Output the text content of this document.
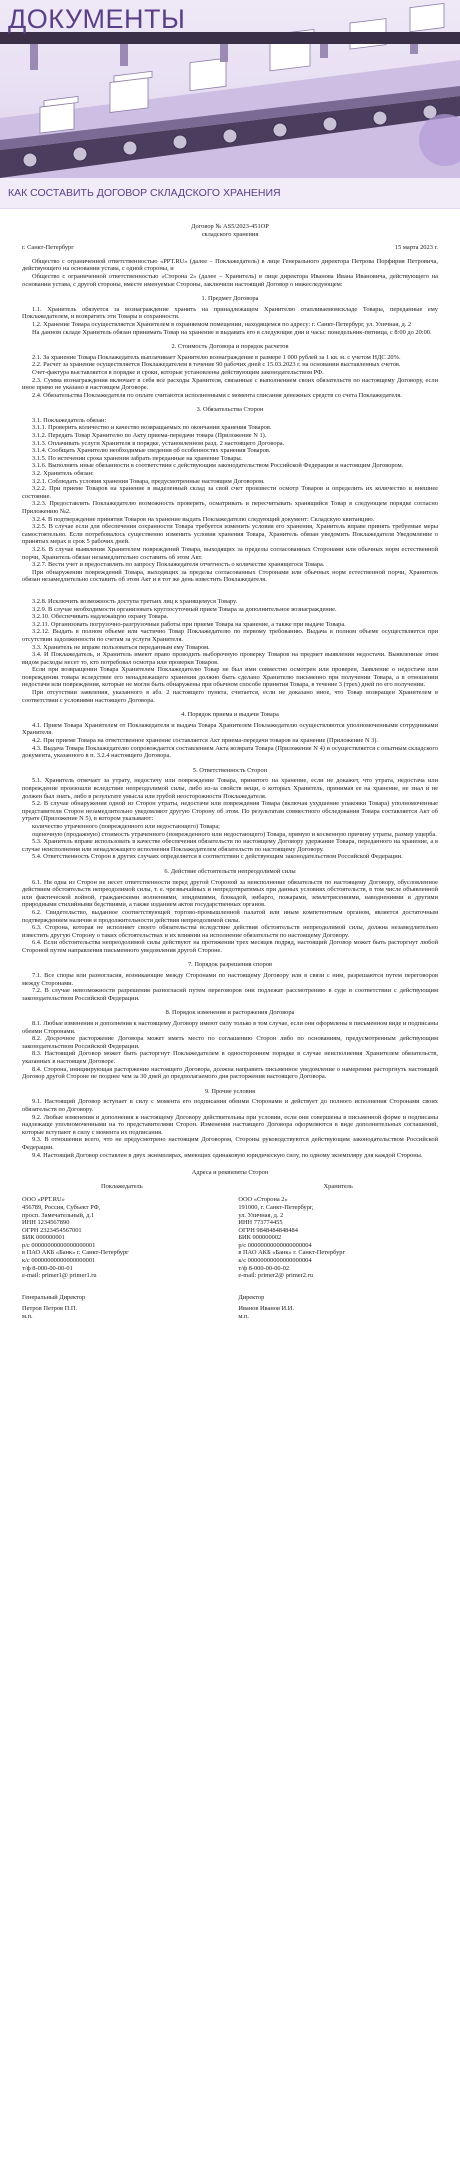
ДОКУМЕНТЫ
КАК СОСТАВИТЬ ДОГОВОР СКЛАДСКОГО ХРАНЕНИЯ
Договор № АЅ5/2023-451ОР
складского хранения
г. Санкт-Петербург	15 марта 2023 г.

Общество с ограниченной ответственностью «PPT.RU» (далее – Поклажедатель) в лице Генерального директора Петрова Порфирия Петровича, действующего на основании устава, с одной стороны, и

Общество с ограниченной ответственностью «Сторона 2» (далее – Хранитель) в лице директора Иванова Ивана Ивановича, действующего на основании устава, с другой стороны, вместе именуемые Стороны, заключили настоящий Договор о нижеследующем:

1. Предмет Договора

1.1. Хранитель обязуется за вознаграждение хранить на принадлежащем Хранителю отапливаемомскладе Товары, переданные ему Поклажедателем, и возвратить эти Товары в сохранности.

1.2. Хранение Товара осуществляется Хранителем в охраняемом помещении, находящемся по адресу: г. Санкт-Петербург, ул. Уличная, д. 2

На данном складе Хранитель обязан принимать Товар на хранение и выдавать его в следующие дни и часы: понедельник-пятница, с 8:00 до 20:00.

2. Стоимость Договора и порядок расчетов

2.1. За хранение Товара Поклажедатель выплачивает Хранителю вознаграждение в размере 1 000 рублей за 1 кв. м. с учетом НДС 20%.

2.2. Расчет за хранение осуществляется Поклажедателем в течение 90 рабочих дней с 15.03.2023 г. на основании выставленных счетов.

Счет-фактура выставляется в порядке и сроки, которые установлены действующим законодательством РФ.

2.3. Сумма вознаграждения включает в себя все расходы Хранителя, связанные с выполнением своих обязательств по настоящему Договору, если иное прямо не указано в настоящем Договоре.

2.4. Обязательства Поклажедателя по оплате считаются исполненными с момента списания денежных средств со счета Поклажедателя.

3. Обязательства Сторон

3.1. Поклажедатель обязан:

3.1.1. Проверить количество и качество возвращаемых по окончании хранения Товаров.

3.1.2. Передать Товар Хранителю по Акту приема-передачи товара (Приложение N 1).

3.1.3. Оплачивать услуги Хранителя в порядке, установленном разд. 2 настоящего Договора.

3.1.4. Сообщать Хранителю необходимые сведения об особенностях хранения Товаров.

3.1.5. По истечении срока хранения забрать переданные на хранение Товары.

3.1.6. Выполнять иные обязанности в соответствии с действующим законодательством Российской Федерации и настоящим Договором.

3.2. Хранитель обязан:

3.2.1. Соблюдать условия хранения Товара, предусмотренные настоящим Договором.

3.2.2. При приеме Товаров на хранение в выделенный склад за свой счет произвести осмотр Товаров и определить их количество и внешнее состояние.

3.2.3. Предоставлять Поклажедателю возможность проверять, осматривать и пересчитывать хранящийся Товар в следующем порядке согласно Приложению №2.

3.2.4. В подтверждение принятия Товаров на хранение выдать Поклажедателю следующий документ: Складскую квитанцию.

3.2.5. В случае если для обеспечения сохранности Товара требуется изменить условия его хранения, Хранитель вправе принять требуемые меры самостоятельно. Если потребовалось существенно изменить условия хранения Товара, Хранитель обязан уведомить Поклажедателя Уведомление о принятых мерах в срок 5 рабочих дней.

3.2.6. В случае выявления Хранителем повреждений Товара, выходящих за пределы согласованных Сторонами или обычных норм естественной порчи, Хранитель обязан незамедлительно составить об этом Акт.

3.2.7. Вести учет и предоставлять по запросу Поклажедателя отчетность о количестве хранящегося Товара.

При обнаружении повреждений Товара, выходящих за пределы согласованных Сторонами или обычных норм естественной порчи, Хранитель обязан незамедлительно составить об этом Акт и в тот же день известить Поклажедателя.

3.2.8. Исключить возможность доступа третьих лиц к хранящемуся Товару.

3.2.9. В случае необходимости организовать круглосуточный прием Товара за дополнительное вознаграждение.

3.2.10. Обеспечивать надлежащую охрану Товара.

3.2.11. Организовать погрузочно-разгрузочные работы при приеме Товара на хранение, а также при выдаче Товара.

3.2.12. Выдать в полном объеме или частично Товар Поклажедателю по первому требованию. Выдача в полном объеме осуществляется при отсутствии задолженности по счетам за услуги Хранителя.

3.3. Хранитель не вправе пользоваться переданным ему Товаром.

3.4. И Поклажедатель, и Хранитель имеют право проводить выборочную проверку Товаров на предмет выявления недостачи. Выявленные этим видом расходы несет то, кто потребовал осмотра или проверки Товаров.

Если при возвращении Товара Хранителем Поклажедателю Товар не был ими совместно осмотрен или проверен, Заявление о недостаче или повреждении товара вследствие его ненадлежащего хранения должно быть сделано Хранителю письменно при получении Товара, а в отношении недостачи или повреждения, которые не могли быть обнаружены при обычном способе принятия Товара, в течение 3 (трех) дней по его получении.

При отсутствии заявления, указанного в абз. 2 настоящего пункта, считается, если не доказано иное, что Товар возвращен Хранителем в соответствии с условиями настоящего Договора.

4. Порядок приема и выдачи Товара

4.1. Прием Товара Хранителем от Поклажедателя и выдача Товара Хранителем Поклажедателю осуществляются уполномоченными сотрудниками Хранителя.

4.2. При приеме Товара на ответственное хранение составляется Акт приема-передачи товаров на хранение (Приложение N 3).

4.3. Выдача Товара Поклажедателю сопровождается составлением Акта возврата Товара (Приложение N 4) и осуществляется с опытным складского документа, указанного в п. 3.2.4 настоящего Договора.

5. Ответственность Сторон

5.1. Хранитель отвечает за утрату, недостачу или повреждение Товара, принятого на хранение, если не докажет, что утрата, недостача или повреждение произошли вследствие непреодолимой силы, либо из-за свойств вещи, о которых Хранитель, принимая ее на хранение, не знал и не должен был знать, либо в результате умысла или грубой неосторожности Поклажедателя.

5.2. В случае обнаружения одной из Сторон утраты, недостачи или повреждения Товара (включая ухудшение упаковки Товара) уполномоченные представители Сторон незамедлительно уведомляют другую Сторону об этом. По результатам совместного обследования Товара составляется Акт об утрате (Приложение N 5), в котором указывают:

количество утраченного (поврежденного или недостающего) Товара;

оценочную (продажную) стоимость утраченного (поврежденного или недостающего) Товара, прямую и косвенную причину утраты, размер ущерба.

5.3. Хранитель вправе использовать в качестве обеспечения обязательств по настоящему Договору удержание Товара, переданного на хранение, а в случае неисполнения или ненадлежащего исполнения Поклажедателем обязательств по настоящему Договору.

5.4. Ответственность Сторон в других случаях определяется в соответствии с действующим законодательством Российской Федерации.

6. Действие обстоятельств непреодолимой силы

6.1. Ни одна из Сторон не несет ответственности перед другой Стороной за неисполнение обязательств по настоящему Договору, обусловленное действием обстоятельств непреодолимой силы, т. е. чрезвычайных и непредотвратимых при данных условиях обстоятельств, в том числе объявленной или фактической войной, гражданскими волнениями, эпидемиями, блокадой, эмбарго, пожарами, землетрясениями, наводнениями и другими природными стихийными бедствиями, а также изданием актов государственных органов.

6.2. Свидетельство, выданное соответствующей торгово-промышленной палатой или иным компетентным органом, является достаточным подтверждением наличия и продолжительности действия непреодолимой силы.

6.3. Сторона, которая не исполняет своего обязательства вследствие действия обстоятельств непреодолимой силы, должна незамедлительно известить другую Сторону о таких обстоятельствах и их влиянии на исполнение обязательств по настоящему Договору.

6.4. Если обстоятельства непреодолимой силы действуют на протяжении трех месяцев подряд, настоящий Договор может быть расторгнут любой Стороной путем направления письменного уведомления другой Стороне.

7. Порядок разрешения споров

7.1. Все споры или разногласия, возникающие между Сторонами по настоящему Договору или в связи с ним, разрешаются путем переговоров между Сторонами.

7.2. В случае невозможности разрешения разногласий путем переговоров они подлежат рассмотрению в суде в соответствии с действующим законодательством Российской Федерации.

8. Порядок изменения и расторжения Договора

8.1. Любые изменения и дополнения к настоящему Договору имеют силу только в том случае, если они оформлены в письменном виде и подписаны обеими Сторонами.

8.2. Досрочное расторжение Договора может иметь место по соглашению Сторон либо по основаниям, предусмотренным действующим законодательством Российской Федерации.

8.3. Настоящий Договор может быть расторгнут Поклажедателем в одностороннем порядке в случае неисполнения Хранителем обязательств, указанных в настоящем Договоре.

8.4. Сторона, инициирующая расторжение настоящего Договора, должна направить письменное уведомление о намерении расторгнуть настоящий Договор другой Стороне не позднее чем за 30 дней до предполагаемого дня расторжения настоящего Договора.

9. Прочие условия

9.1. Настоящий Договор вступает в силу с момента его подписания обеими Сторонами и действует до полного исполнения Сторонами своих обязательств по Договору.

9.2. Любые изменения и дополнения к настоящему Договору действительны при условии, если они совершены в письменной форме и подписаны надлежаще уполномоченными на то представителями Сторон. Изменения настоящего Договора оформляются в виде дополнительных соглашений, которые вступают в силу с момента их подписания.

9.3. В отношении всего, что не предусмотрено настоящим Договором, Стороны руководствуются действующим законодательством Российской Федерации.

9.4. Настоящий Договор составлен в двух экземплярах, имеющих одинаковую юридическую силу, по одному экземпляру для каждой Стороны.

Адреса и реквизиты Сторон
Поклажедатель
ООО «PPT.RU»
456789, Россия, Субъект РФ,
просп. Замечательный, д.1
ИНН 1234567890
ОГРН 2323454567001
БИК 000000001
р/с 00000000000000000001
в ПАО АКБ «Банк» г. Санкт-Петербург
к/с 00000000000000000001
т/ф 8-000-00-00-01
e-mail: primer1@ primer1.ru
Хранитель
ООО «Сторона 2»
191000, г. Санкт-Петербург,
ул. Уличная, д. 2
ИНН 773774455
ОГРН 9848484848484
БИК 000000002
р/с 00000000000000000004
в ПАО АКБ «Банк» г. Санкт-Петербург
к/с 00000000000000000004
т/ф 8-000-00-00-02
e-mail: primer2@ primer2.ru
Генеральный Директор
Петров Петров П.П.
м.п.
Директор
Иванов Иванов И.И.
м.п.
